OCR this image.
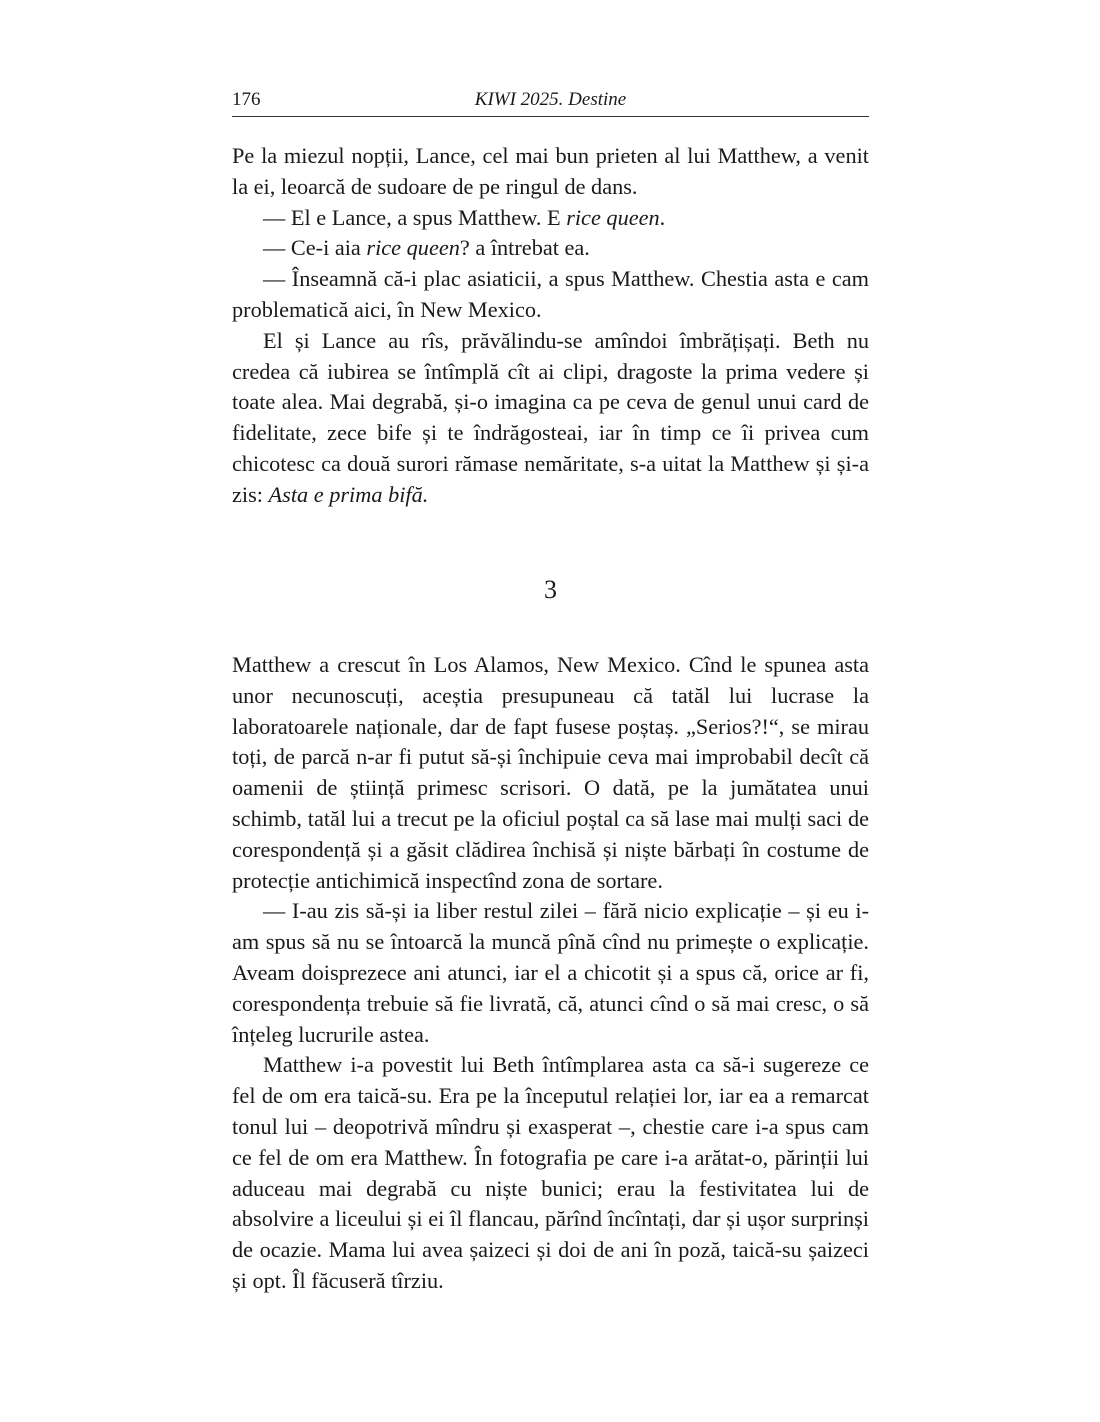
176	KIWI 2025. Destine

Pe la miezul nopții, Lance, cel mai bun prieten al lui Matthew, a venit la ei, leoarcă de sudoare de pe ringul de dans.

— El e Lance, a spus Matthew. E rice queen.

— Ce-i aia rice queen? a întrebat ea.

— Înseamnă că-i plac asiaticii, a spus Matthew. Chestia asta e cam problematică aici, în New Mexico.

El și Lance au rîs, prăvălindu-se amîndoi îmbrățișați. Beth nu credea că iubirea se întîmplă cît ai clipi, dragoste la prima vedere și toate alea. Mai degrabă, și-o imagina ca pe ceva de genul unui card de fidelitate, zece bife și te îndrăgosteai, iar în timp ce îi privea cum chicotesc ca două surori rămase nemăritate, s-a uitat la Matthew și și-a zis: Asta e prima bifă.

3

Matthew a crescut în Los Alamos, New Mexico. Cînd le spunea asta unor necunoscuți, aceștia presupuneau că tatăl lui lucrase la laboratoarele naționale, dar de fapt fusese poștaș. „Serios?!“, se mirau toți, de parcă n-ar fi putut să-și închipuie ceva mai improbabil decît că oamenii de știință primesc scrisori. O dată, pe la jumătatea unui schimb, tatăl lui a trecut pe la oficiul poștal ca să lase mai mulți saci de corespondență și a găsit clădirea închisă și niște bărbați în costume de protecție antichimică inspectînd zona de sortare.

— I-au zis să-și ia liber restul zilei – fără nicio explicație – și eu i-am spus să nu se întoarcă la muncă pînă cînd nu primește o explicație. Aveam doisprezece ani atunci, iar el a chicotit și a spus că, orice ar fi, corespondența trebuie să fie livrată, că, atunci cînd o să mai cresc, o să înțeleg lucrurile astea.

Matthew i-a povestit lui Beth întîmplarea asta ca să-i sugereze ce fel de om era taică-su. Era pe la începutul relației lor, iar ea a remarcat tonul lui – deopotrivă mîndru și exasperat –, chestie care i-a spus cam ce fel de om era Matthew. În fotografia pe care i-a arătat-o, părinții lui aduceau mai degrabă cu niște bunici; erau la festivitatea lui de absolvire a liceului și ei îl flancau, părînd încîntați, dar și ușor surprinși de ocazie. Mama lui avea șaizeci și doi de ani în poză, taică-su șaizeci și opt. Îl făcuseră tîrziu.
